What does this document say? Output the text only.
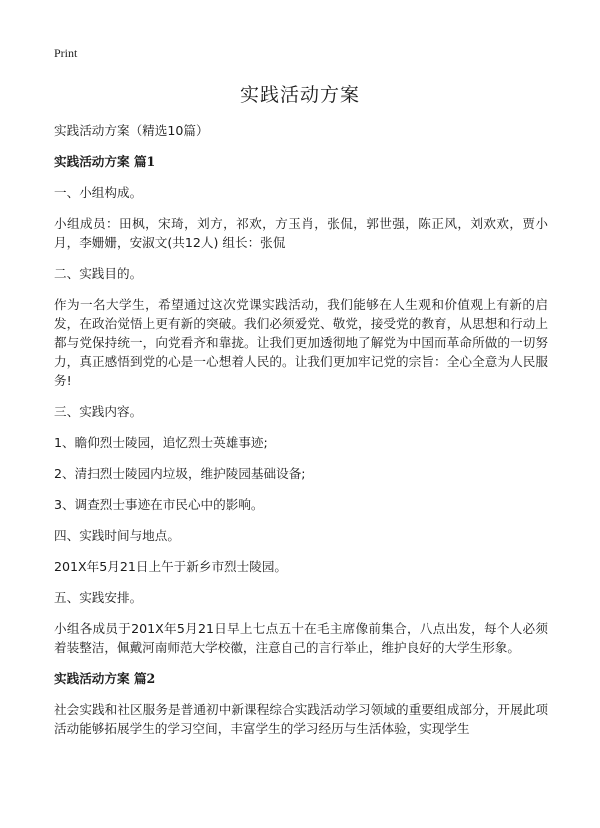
Print
实践活动方案

实践活动方案（精选10篇）

实践活动方案 篇1

一、小组构成。

小组成员：田枫，宋琦，刘方，祁欢，方玉肖，张侃，郭世强，陈正风，刘欢欢，贾小月，李姗姗，安淑文(共12人) 组长：张侃

二、实践目的。

作为一名大学生，希望通过这次党课实践活动，我们能够在人生观和价值观上有新的启发，在政治觉悟上更有新的突破。我们必须爱党、敬党，接受党的教育，从思想和行动上都与党保持统一，向党看齐和靠拢。让我们更加透彻地了解党为中国而革命所做的一切努力，真正感悟到党的心是一心想着人民的。让我们更加牢记党的宗旨：全心全意为人民服务!

三、实践内容。

1、瞻仰烈士陵园，追忆烈士英雄事迹;

2、清扫烈士陵园内垃圾，维护陵园基础设备;

3、调查烈士事迹在市民心中的影响。

四、实践时间与地点。

201X年5月21日上午于新乡市烈士陵园。

五、实践安排。

小组各成员于201X年5月21日早上七点五十在毛主席像前集合，八点出发，每个人必须着装整洁，佩戴河南师范大学校徽，注意自己的言行举止，维护良好的大学生形象。

实践活动方案 篇2

社会实践和社区服务是普通初中新课程综合实践活动学习领域的重要组成部分，开展此项活动能够拓展学生的学习空间，丰富学生的学习经历与生活体验，实现学生
